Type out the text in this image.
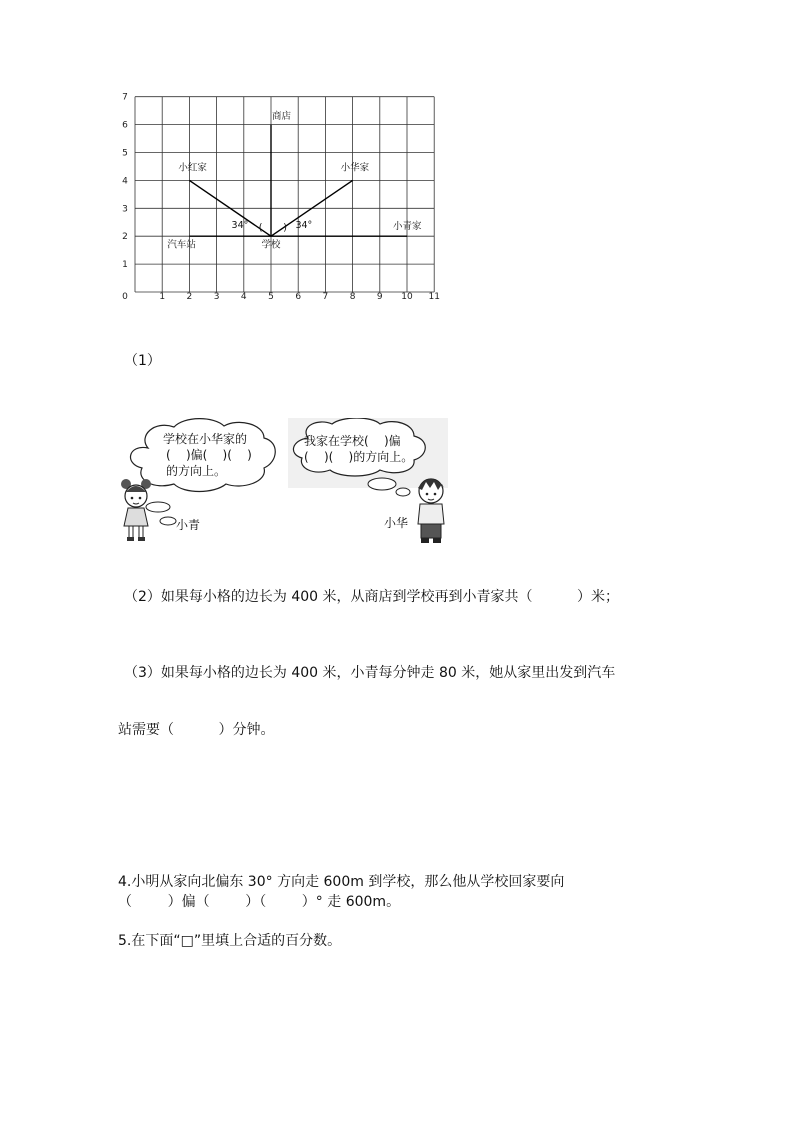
0	1 2 3 4 5 6 7 8 9 10 11
1
2
3
4
5
6
7
商店
小红家	小华家
小青家
汽车站	学校
34°	34°
( )
（1）
学校在小华家的
(    )偏(    )(    )
的方向上。
我家在学校(    )偏
(    )(    )的方向上。
小青	小华
（2）如果每小格的边长为 400 米，从商店到学校再到小青家共（          ）米；
（3）如果每小格的边长为 400 米，小青每分钟走 80 米，她从家里出发到汽车
站需要（          ）分钟。
4.小明从家向北偏东 30° 方向走 600m 到学校，那么他从学校回家要向
（        ）偏（        ）（        ）° 走 600m。
5.在下面“□”里填上合适的百分数。
